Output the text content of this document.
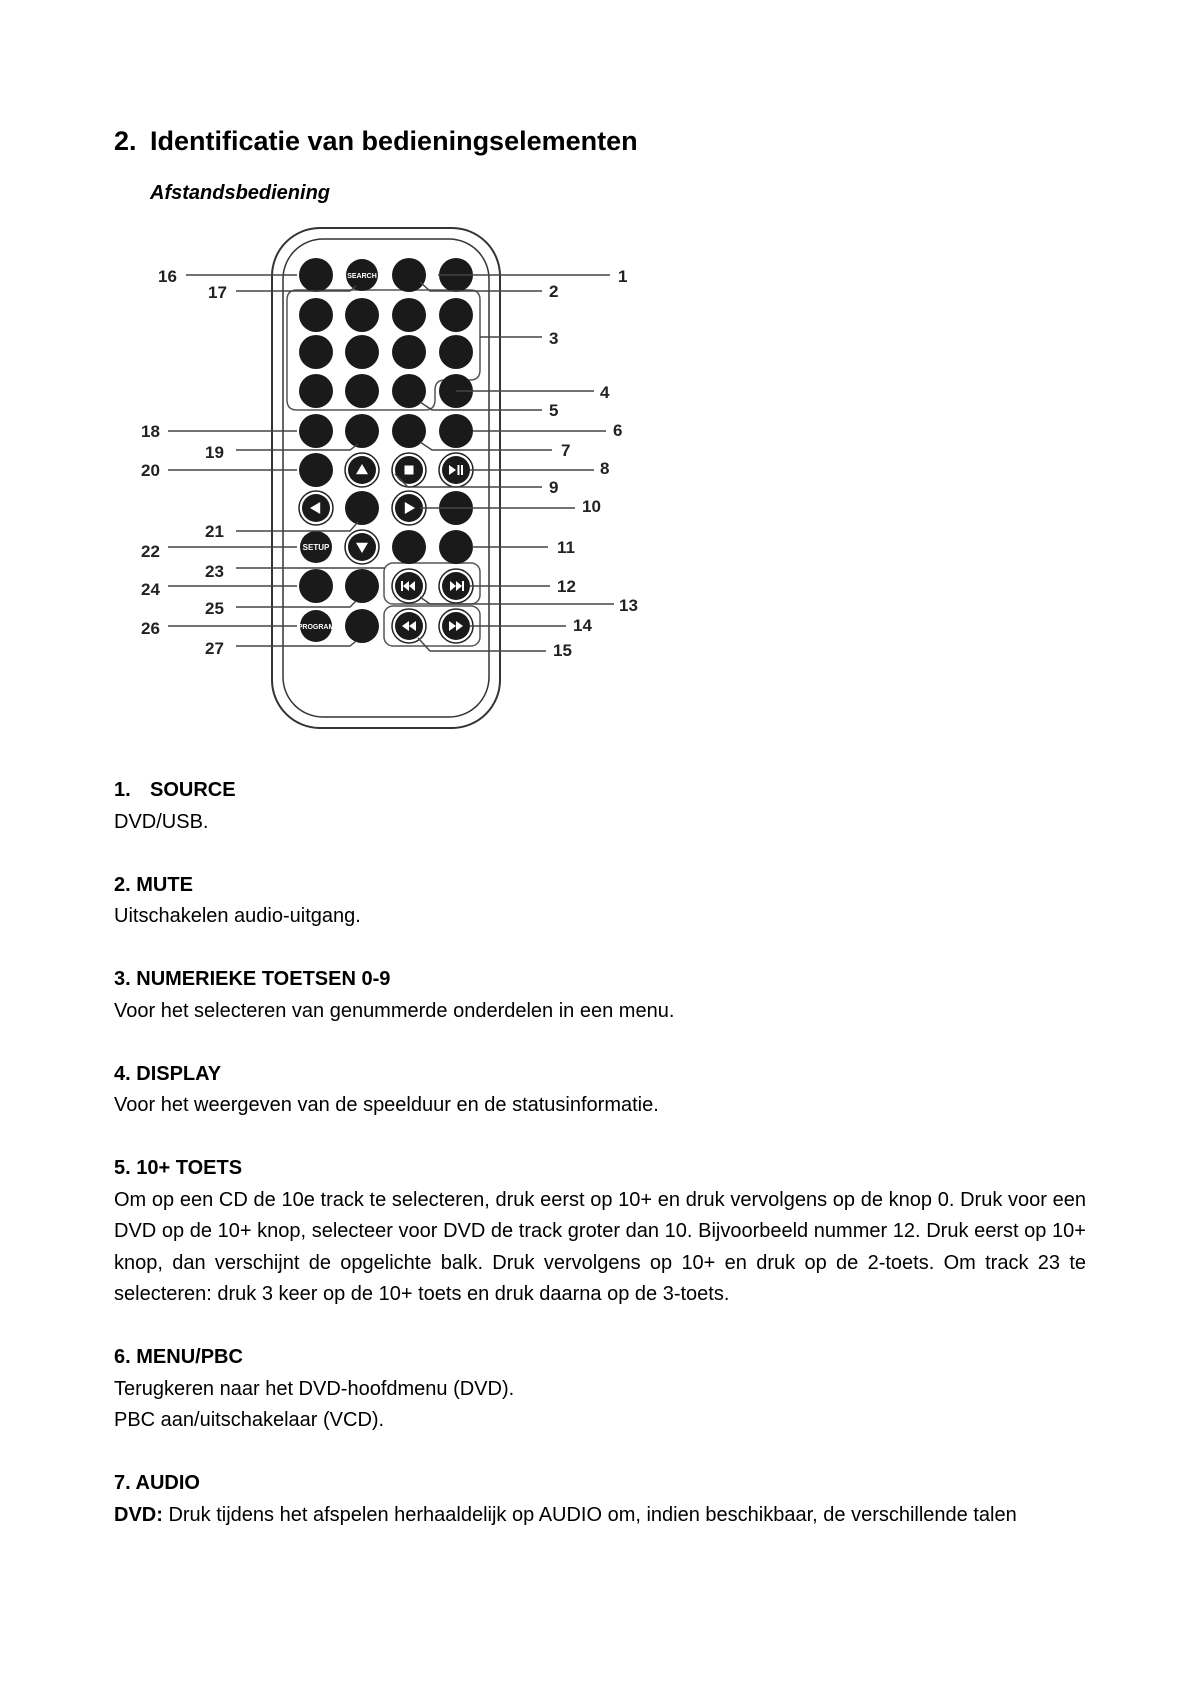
2. Identificatie van bedieningselementen

Afstandsbediening

SEARCH
SETUP
PROGRAM
1
2
3
4
5
6
7
8
9
10
11
12
13
14
15
16
17
18
19
20
21
22
23
24
25
26
27
1. SOURCE
DVD/USB.
2. MUTE
Uitschakelen audio-uitgang.
3. NUMERIEKE TOETSEN 0-9
Voor het selecteren van genummerde onderdelen in een menu.
4. DISPLAY
Voor het weergeven van de speelduur en de statusinformatie.
5. 10+ TOETS
Om op een CD de 10e track te selecteren, druk eerst op 10+ en druk vervolgens op de knop 0. Druk voor een DVD op de 10+ knop, selecteer voor DVD de track groter dan 10. Bijvoorbeeld nummer 12. Druk eerst op 10+ knop, dan verschijnt de opgelichte balk. Druk vervolgens op 10+ en druk op de 2-toets. Om track 23 te selecteren: druk 3 keer op de 10+ toets en druk daarna op de 3-toets.
6. MENU/PBC
Terugkeren naar het DVD-hoofdmenu (DVD).
PBC aan/uitschakelaar (VCD).
7. AUDIO
DVD: Druk tijdens het afspelen herhaaldelijk op AUDIO om, indien beschikbaar, de verschillende talen
